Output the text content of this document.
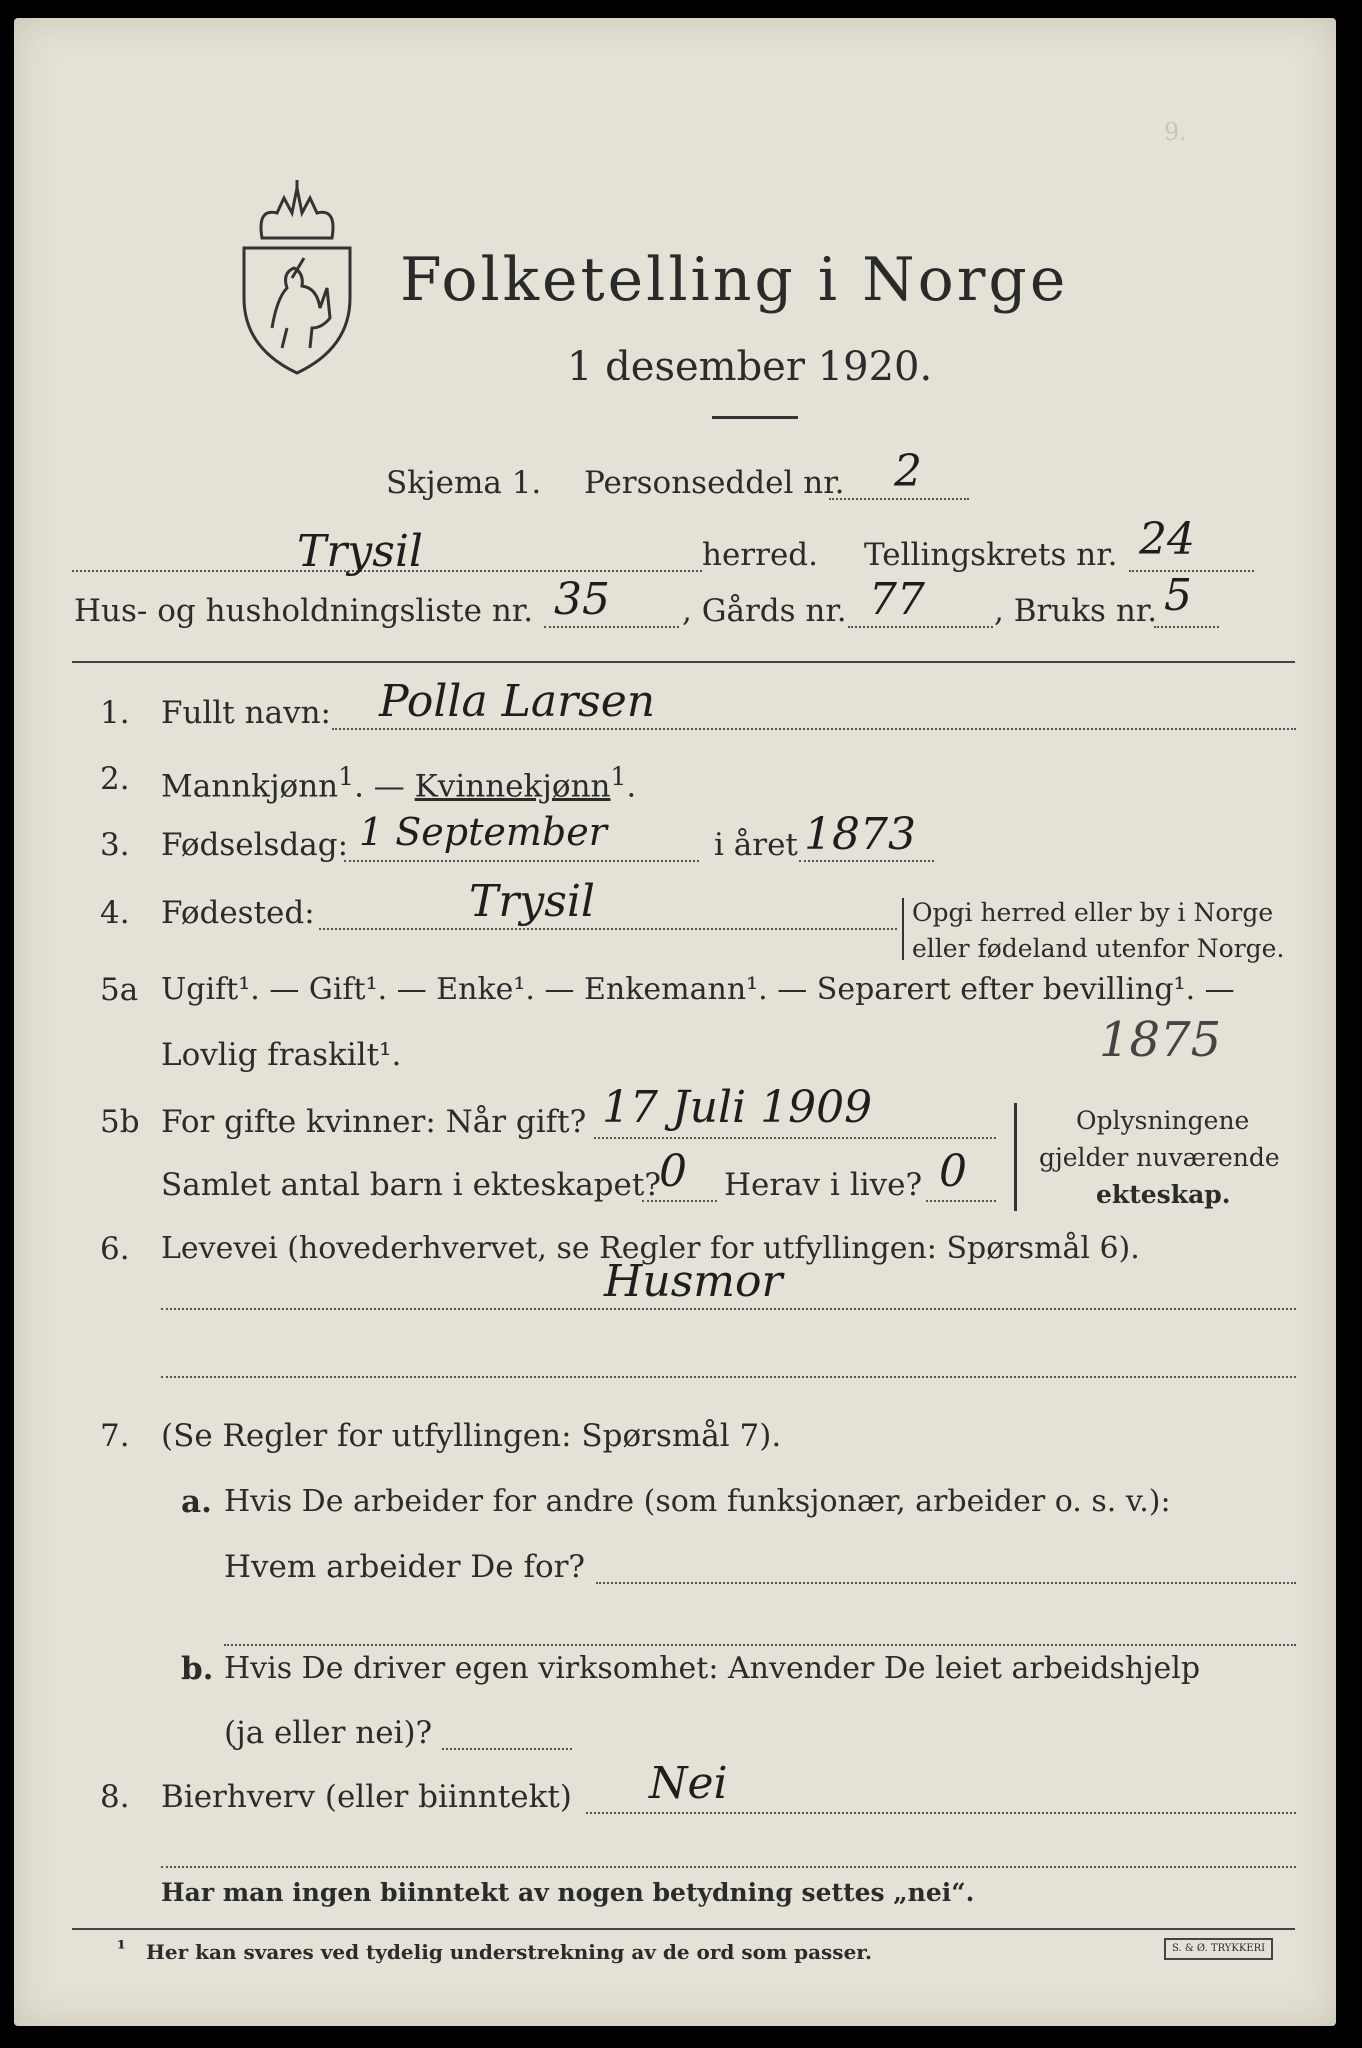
9.
Folketelling i Norge
1 desember 1920.
Skjema 1. Personseddel nr. 2
Trysil	herred. Tellingskrets nr. 24
Hus- og husholdningsliste nr. 35 , Gårds nr. 77 , Bruks nr. 5
1. Fullt navn: Polla Larsen
2. Mannkjønn$^1$. — Kvinnekjønn$^1$.
3. Fødselsdag: 1 September	i året 1873
4. Fødested:	Trysil	Opgi herred eller by i Norge
eller fødeland utenfor Norge.
5a Ugift¹. — Gift¹. — Enke¹. — Enkemann¹. — Separert efter bevilling¹. —
Lovlig fraskilt¹.	1875
5b For gifte kvinner: Når gift? 17 Juli 1909
Samlet antal barn i ekteskapet?
0 Herav i live? 0
Oplysningene
gjelder nuværende
ekteskap.
6. Levevei (hovederhvervet, se Regler for utfyllingen: Spørsmål 6).
Husmor
7. (Se Regler for utfyllingen: Spørsmål 7).
a. Hvis De arbeider for andre (som funksjonær, arbeider o. s. v.):
Hvem arbeider De for?
b. Hvis De driver egen virksomhet: Anvender De leiet arbeidshjelp
(ja eller nei)?
8. Bierhverv (eller biinntekt) Nei
Har man ingen biinntekt av nogen betydning settes „nei“.
¹ Her kan svares ved tydelig understrekning av de ord som passer.	S. & Ø. TRYKKERI
